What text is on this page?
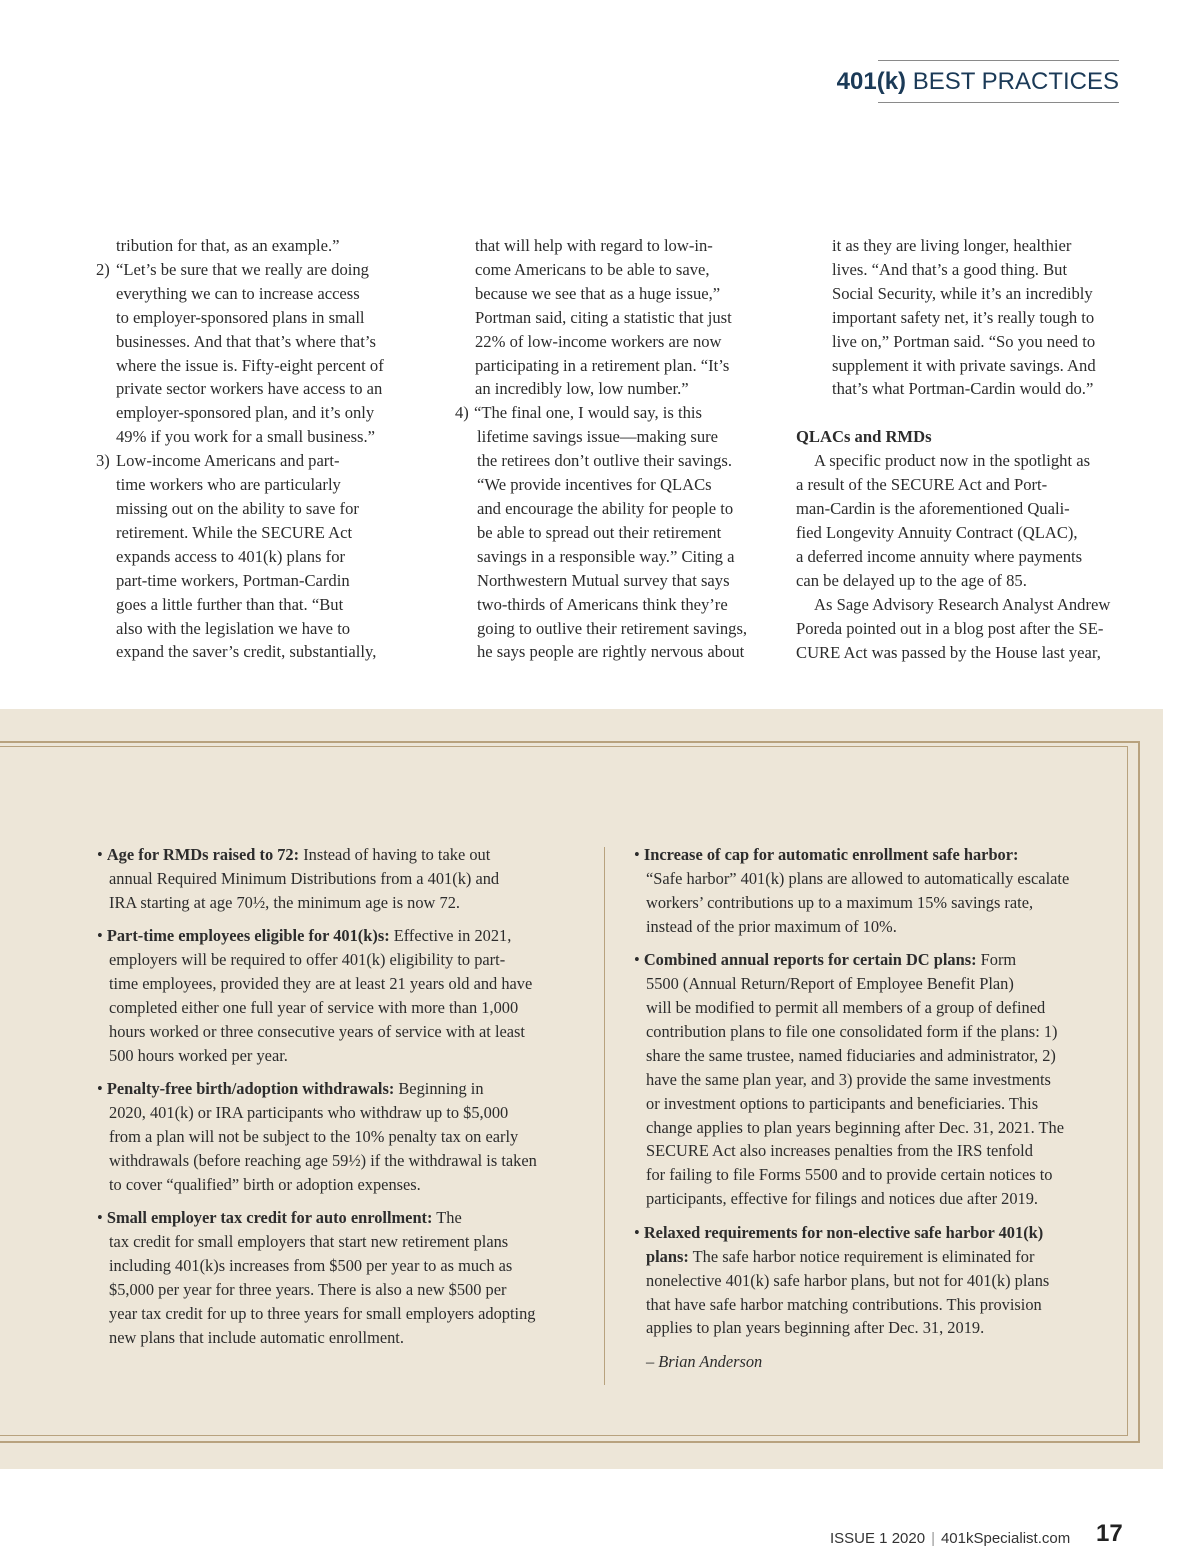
401(k) BEST PRACTICES
tribution for that, as an example.”
2) “Let’s be sure that we really are doing
everything we can to increase access
to employer-sponsored plans in small
businesses. And that that’s where that’s
where the issue is. Fifty-eight percent of
private sector workers have access to an
employer-sponsored plan, and it’s only
49% if you work for a small business.”
3) Low-income Americans and part-
time workers who are particularly
missing out on the ability to save for
retirement. While the SECURE Act
expands access to 401(k) plans for
part-time workers, Portman-Cardin
goes a little further than that. “But
also with the legislation we have to
expand the saver’s credit, substantially,
that will help with regard to low-in-
come Americans to be able to save,
because we see that as a huge issue,”
Portman said, citing a statistic that just
22% of low-income workers are now
participating in a retirement plan. “It’s
an incredibly low, low number.”
4) “The final one, I would say, is this
lifetime savings issue—making sure
the retirees don’t outlive their savings.
“We provide incentives for QLACs
and encourage the ability for people to
be able to spread out their retirement
savings in a responsible way.” Citing a
Northwestern Mutual survey that says
two-thirds of Americans think they’re
going to outlive their retirement savings,
he says people are rightly nervous about
it as they are living longer, healthier
lives. “And that’s a good thing. But
Social Security, while it’s an incredibly
important safety net, it’s really tough to
live on,” Portman said. “So you need to
supplement it with private savings. And
that’s what Portman-Cardin would do.”
QLACs and RMDs
A specific product now in the spotlight as
a result of the SECURE Act and Port-
man-Cardin is the aforementioned Quali-
fied Longevity Annuity Contract (QLAC),
a deferred income annuity where payments
can be delayed up to the age of 85.
As Sage Advisory Research Analyst Andrew
Poreda pointed out in a blog post after the SE-
CURE Act was passed by the House last year,
• Age for RMDs raised to 72: Instead of having to take out
annual Required Minimum Distributions from a 401(k) and
IRA starting at age 70½, the minimum age is now 72.
• Part-time employees eligible for 401(k)s: Effective in 2021,
employers will be required to offer 401(k) eligibility to part-
time employees, provided they are at least 21 years old and have
completed either one full year of service with more than 1,000
hours worked or three consecutive years of service with at least
500 hours worked per year.
• Penalty-free birth/adoption withdrawals: Beginning in
2020, 401(k) or IRA participants who withdraw up to $5,000
from a plan will not be subject to the 10% penalty tax on early
withdrawals (before reaching age 59½) if the withdrawal is taken
to cover “qualified” birth or adoption expenses.
• Small employer tax credit for auto enrollment: The
tax credit for small employers that start new retirement plans
including 401(k)s increases from $500 per year to as much as
$5,000 per year for three years. There is also a new $500 per
year tax credit for up to three years for small employers adopting
new plans that include automatic enrollment.
• Increase of cap for automatic enrollment safe harbor:
“Safe harbor” 401(k) plans are allowed to automatically escalate
workers’ contributions up to a maximum 15% savings rate,
instead of the prior maximum of 10%.
• Combined annual reports for certain DC plans: Form
5500 (Annual Return/Report of Employee Benefit Plan)
will be modified to permit all members of a group of defined
contribution plans to file one consolidated form if the plans: 1)
share the same trustee, named fiduciaries and administrator, 2)
have the same plan year, and 3) provide the same investments
or investment options to participants and beneficiaries. This
change applies to plan years beginning after Dec. 31, 2021. The
SECURE Act also increases penalties from the IRS tenfold
for failing to file Forms 5500 and to provide certain notices to
participants, effective for filings and notices due after 2019.
• Relaxed requirements for non-elective safe harbor 401(k)
plans: The safe harbor notice requirement is eliminated for
nonelective 401(k) safe harbor plans, but not for 401(k) plans
that have safe harbor matching contributions. This provision
applies to plan years beginning after Dec. 31, 2019.
– Brian Anderson
ISSUE 1 2020 | 401kSpecialist.com 17
